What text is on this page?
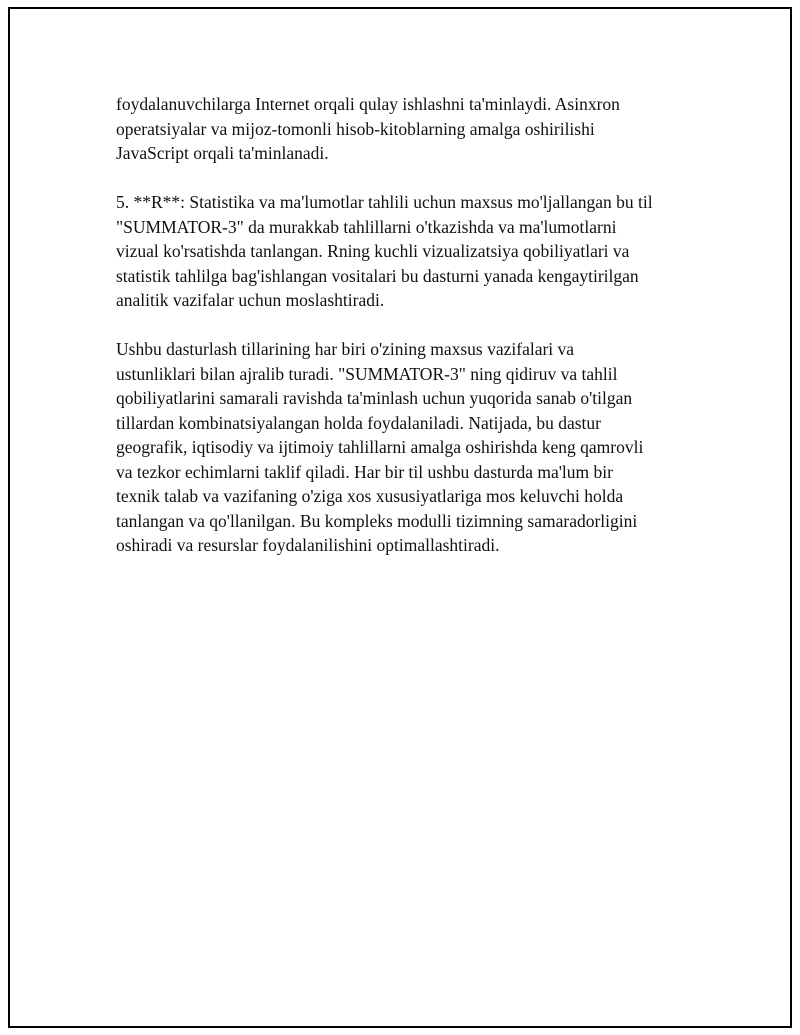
foydalanuvchilarga Internet orqali qulay ishlashni ta'minlaydi. Asinxron
operatsiyalar va mijoz-tomonli hisob-kitoblarning amalga oshirilishi
JavaScript orqali ta'minlanadi.

5. **R**: Statistika va ma'lumotlar tahlili uchun maxsus mo'ljallangan bu til
"SUMMATOR-3" da murakkab tahlillarni o'tkazishda va ma'lumotlarni
vizual ko'rsatishda tanlangan. Rning kuchli vizualizatsiya qobiliyatlari va
statistik tahlilga bag'ishlangan vositalari bu dasturni yanada kengaytirilgan
analitik vazifalar uchun moslashtiradi.

Ushbu dasturlash tillarining har biri o'zining maxsus vazifalari va
ustunliklari bilan ajralib turadi. "SUMMATOR-3" ning qidiruv va tahlil
qobiliyatlarini samarali ravishda ta'minlash uchun yuqorida sanab o'tilgan
tillardan kombinatsiyalangan holda foydalaniladi. Natijada, bu dastur
geografik, iqtisodiy va ijtimoiy tahlillarni amalga oshirishda keng qamrovli
va tezkor echimlarni taklif qiladi. Har bir til ushbu dasturda ma'lum bir
texnik talab va vazifaning o'ziga xos xususiyatlariga mos keluvchi holda
tanlangan va qo'llanilgan. Bu kompleks modulli tizimning samaradorligini
oshiradi va resurslar foydalanilishini optimallashtiradi.
